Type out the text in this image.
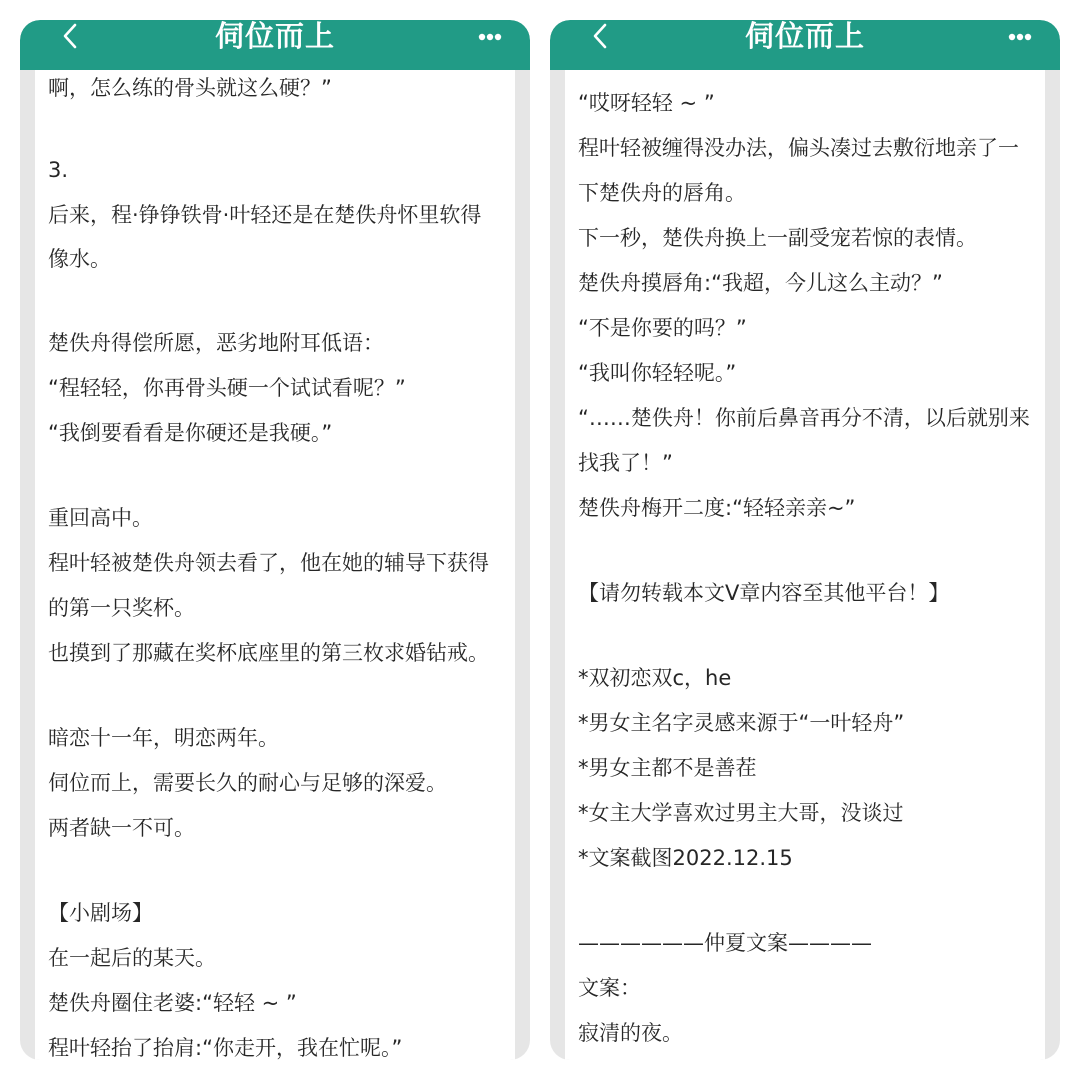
伺位而上
啊，怎么练的骨头就这么硬？”
3.
后来，程·铮铮铁骨·叶轻还是在楚佚舟怀里软得
像水。
楚佚舟得偿所愿，恶劣地附耳低语：
“程轻轻，你再骨头硬一个试试看呢？”
“我倒要看看是你硬还是我硬。”
重回高中。
程叶轻被楚佚舟领去看了，他在她的辅导下获得
的第一只奖杯。
也摸到了那藏在奖杯底座里的第三枚求婚钻戒。
暗恋十一年，明恋两年。
伺位而上，需要长久的耐心与足够的深爱。
两者缺一不可。
【小剧场】
在一起后的某天。
楚佚舟圈住老婆:“轻轻 ~ ”
程叶轻抬了抬肩:“你走开，我在忙呢。”
伺位而上
“哎呀轻轻 ~ ”
程叶轻被缠得没办法，偏头凑过去敷衍地亲了一
下楚佚舟的唇角。
下一秒，楚佚舟换上一副受宠若惊的表情。
楚佚舟摸唇角:“我超，今儿这么主动？”
“不是你要的吗？”
“我叫你轻轻呢。”
“……楚佚舟！你前后鼻音再分不清，以后就别来
找我了！”
楚佚舟梅开二度:“轻轻亲亲~”
【请勿转载本文V章内容至其他平台！】
*双初恋双c，he
*男女主名字灵感来源于“一叶轻舟”
*男女主都不是善茬
*女主大学喜欢过男主大哥，没谈过
*文案截图2022.12.15
——————仲夏文案————
文案：
寂清的夜。
